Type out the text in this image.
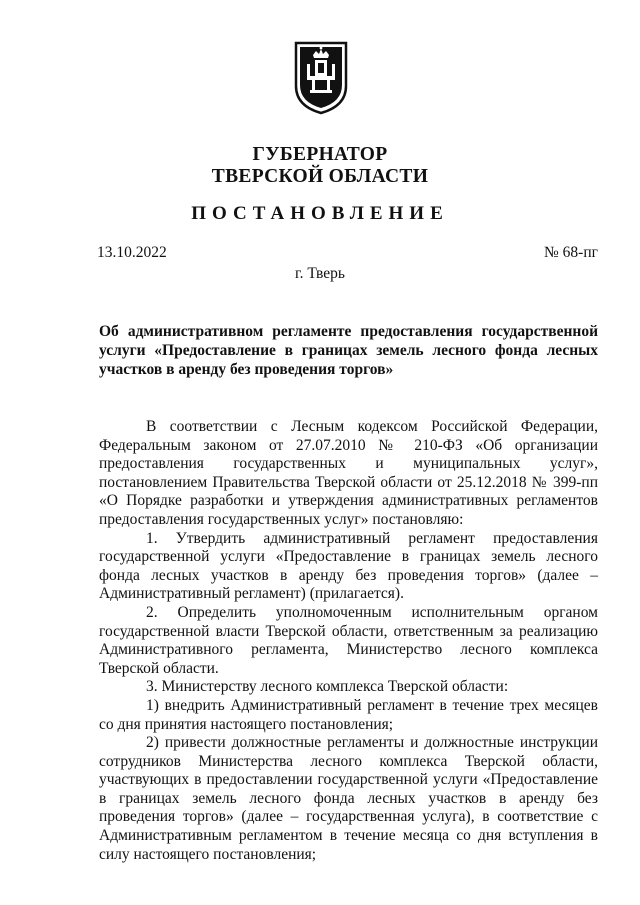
ГУБЕРНАТОР
ТВЕРСКОЙ ОБЛАСТИ
ПОСТАНОВЛЕНИЕ
13.10.2022	№ 68-пг
г. Тверь
Об административном регламенте предоставления государственной услуги «Предоставление в границах земель лесного фонда лесных участков в аренду без проведения торгов»

В соответствии с Лесным кодексом Российской Федерации, Федеральным законом от 27.07.2010 № 210-ФЗ «Об организации предоставления государственных и муниципальных услуг», постановлением Правительства Тверской области от 25.12.2018 № 399-пп «О Порядке разработки и утверждения административных регламентов предоставления государственных услуг» постановляю:

1. Утвердить административный регламент предоставления государственной услуги «Предоставление в границах земель лесного фонда лесных участков в аренду без проведения торгов» (далее – Административный регламент) (прилагается).

2. Определить уполномоченным исполнительным органом государственной власти Тверской области, ответственным за реализацию Административного регламента, Министерство лесного комплекса Тверской области.

3. Министерству лесного комплекса Тверской области:

1) внедрить Административный регламент в течение трех месяцев со дня принятия настоящего постановления;

2) привести должностные регламенты и должностные инструкции сотрудников Министерства лесного комплекса Тверской области, участвующих в предоставлении государственной услуги «Предоставление в границах земель лесного фонда лесных участков в аренду без проведения торгов» (далее – государственная услуга), в соответствие с Административным регламентом в течение месяца со дня вступления в силу настоящего постановления;
